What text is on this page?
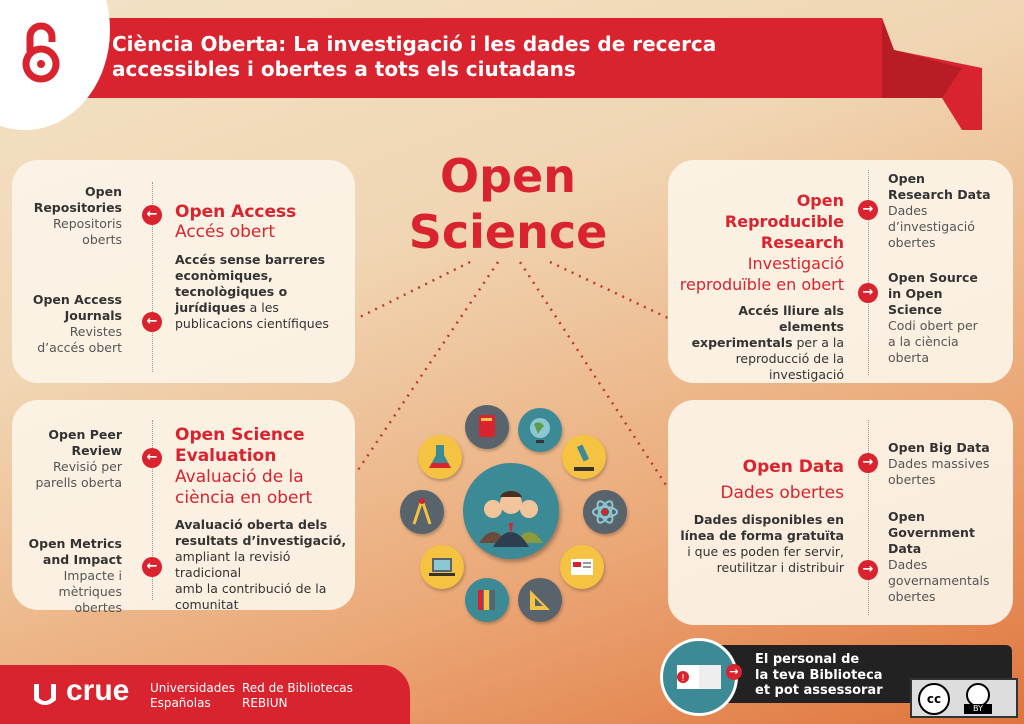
Ciència Oberta: La investigació i les dades de recerca
accessibles i obertes a tots els ciutadans
Open
Science
Open
Repositories
Repositoris
oberts
←
Open Access
Journals
Revistes
d’accés obert
←
Open Access
Accés obert
Accés sense barreres
econòmiques,
tecnològiques o
jurídiques a les
publicacions científiques
Open Peer
Review
Revisió per
parells oberta
←
Open Metrics
and Impact
Impacte i
mètriques obertes
←
Open Science
Evaluation
Avaluació de la
ciència en obert
Avaluació oberta dels
resultats d’investigació,
ampliant la revisió tradicional
amb la contribució de la
comunitat
Open
Reproducible
Research
Investigació
reproduïble en obert
Accés lliure als elements
experimentals per a la
reproducció de la investigació
→
Open
Research Data
Dades
d’investigació
obertes
→
Open Source
in Open
Science
Codi obert per
a la ciència
oberta
Open Data
Dades obertes
Dades disponibles en
línea de forma gratuïta
i que es poden fer servir,
reutilitzar i distribuir
→
Open Big Data
Dades massives
obertes
→
Open
Government
Data
Dades
governamentals
obertes
crue Universidades
Españolas
Red de Bibliotecas
REBIUN
!
→
El personal de
la teva Biblioteca
et pot assessorar
cc
BY
